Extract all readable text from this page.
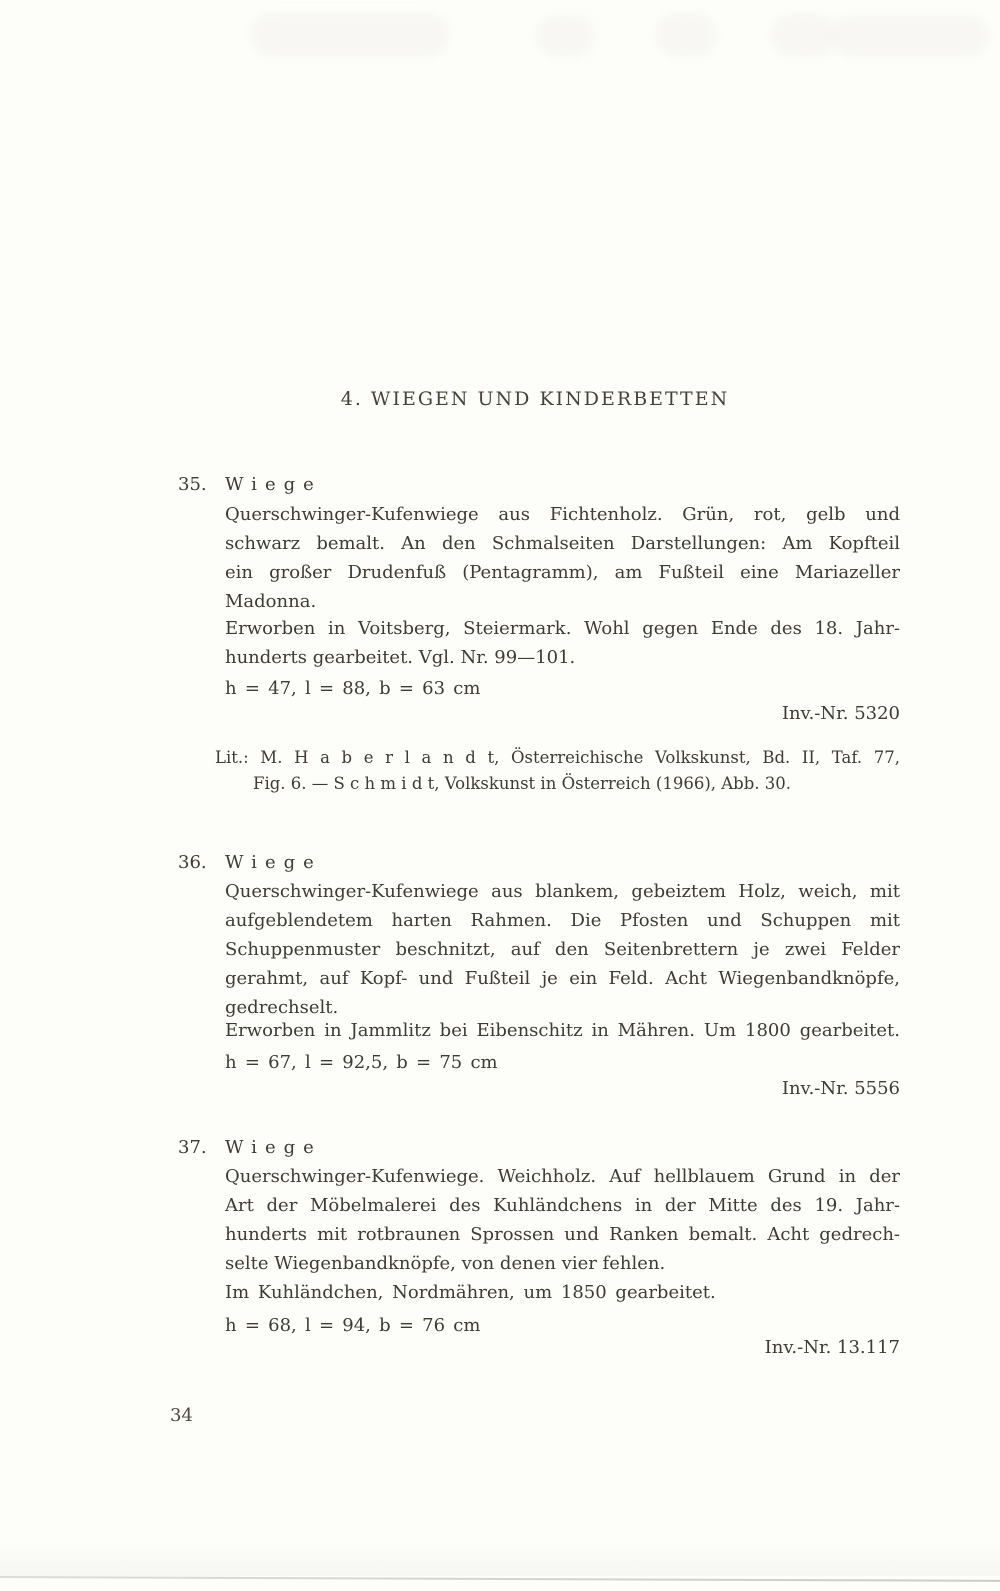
4. WIEGEN UND KINDERBETTEN
35. Wiege
Querschwinger-Kufenwiege aus Fichtenholz. Grün, rot, gelb und
schwarz bemalt. An den Schmalseiten Darstellungen: Am Kopfteil
ein großer Drudenfuß (Pentagramm), am Fußteil eine Mariazeller
Madonna.
Erworben in Voitsberg, Steiermark. Wohl gegen Ende des 18. Jahr-
hunderts gearbeitet. Vgl. Nr. 99—101.
h = 47, l = 88, b = 63 cm
Inv.-Nr. 5320
Lit.: M. H a b e r l a n d t, Österreichische Volkskunst, Bd. II, Taf. 77,
Fig. 6. — S c h m i d t, Volkskunst in Österreich (1966), Abb. 30.
36. Wiege
Querschwinger-Kufenwiege aus blankem, gebeiztem Holz, weich, mit
aufgeblendetem harten Rahmen. Die Pfosten und Schuppen mit
Schuppenmuster beschnitzt, auf den Seitenbrettern je zwei Felder
gerahmt, auf Kopf- und Fußteil je ein Feld. Acht Wiegenbandknöpfe,
gedrechselt.
Erworben in Jammlitz bei Eibenschitz in Mähren. Um 1800 gearbeitet.
h = 67, l = 92,5, b = 75 cm
Inv.-Nr. 5556
37. Wiege
Querschwinger-Kufenwiege. Weichholz. Auf hellblauem Grund in der
Art der Möbelmalerei des Kuhländchens in der Mitte des 19. Jahr-
hunderts mit rotbraunen Sprossen und Ranken bemalt. Acht gedrech-
selte Wiegenbandknöpfe, von denen vier fehlen.
Im Kuhländchen, Nordmähren, um 1850 gearbeitet.
h = 68, l = 94, b = 76 cm
Inv.-Nr. 13.117
34
